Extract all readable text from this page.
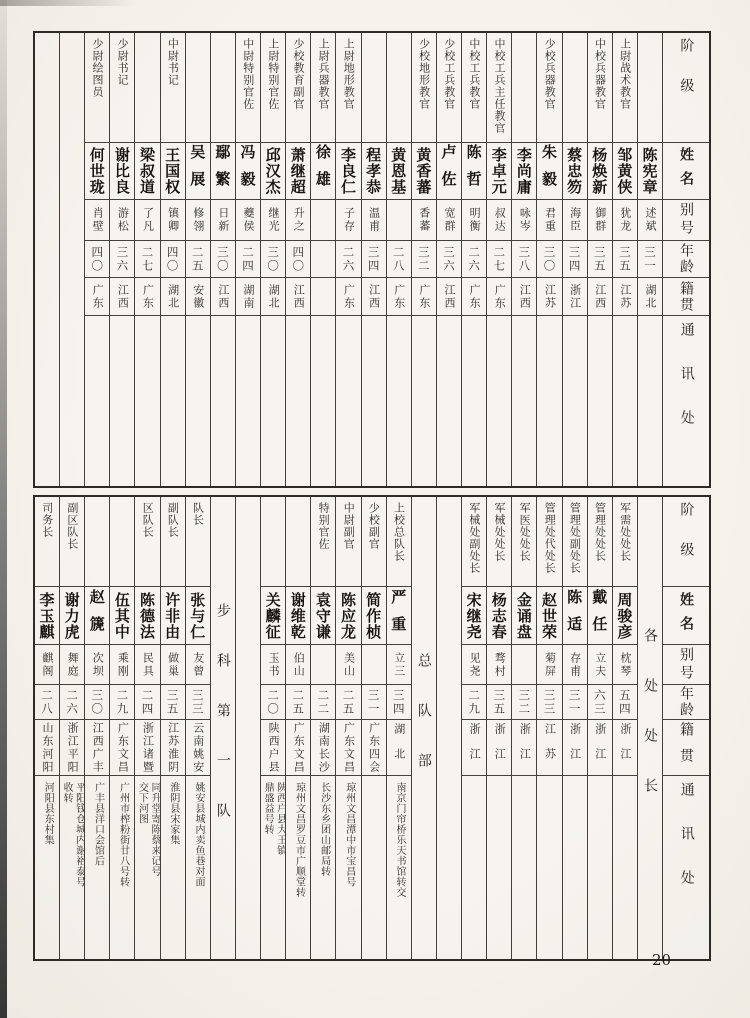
阶级
姓名
别号
年龄
籍贯
通讯处
陈宪章
述斌
三一
湖北
上尉战术教官
邹黄侠
犹龙
三五
江苏
中校兵器教官
杨焕新
御群
三五
江西
蔡忠笏
海臣
三四
浙江
少校兵器教官
朱毅
君重
三〇
江苏
李尚庸
咏岑
三八
江西
中校工兵主任教官
李卓元
叔达
二七
广东
中校工兵教官
陈哲
明衡
二六
广东
少校工兵教官
卢佐
宽群
三六
江西
少校地形教官
黄香蕃
香蕃
三二
广东
黄恩基
二八
广东
程孝恭
温甫
三四
江西
上尉地形教官
李良仁
子存
二六
广东
上尉兵器教官
徐雄
少校教育副官
萧继超
升之
四〇
江西
上尉特别官佐
邱汉杰
继光
三〇
湖北
中尉特别官佐
冯毅
夔侯
二四
湖南
鄢繁
日新
三〇
江西
吴展
修翎
二五
安徽
中尉书记
王国权
镇卿
四〇
湖北
梁叔道
了凡
二七
广东
少尉书记
谢比良
游松
三六
江西
少尉绘图员
何世珑
肖壁
四〇
广东
阶级
姓名
别号
年龄
籍贯
通讯处
各处处长
军需处处长
周骏彦
枕琴
五四
浙江
管理处处长
戴任
立夫
六三
浙江
管理处副处长
陈适
存甫
三一
浙江
管理处代处长
赵世荣
菊屏
三三
江苏
军医处处长
金诵盘
三二
浙江
军械处处长
杨志春
骛村
三五
浙江
军械处副处长
宋继尧
见尧
二九
浙江
总队部
上校总队长
严重
立三
三四
湖北
南京门帘桥乐天书馆转交
少校副官
简作桢
三一
广东四会
中尉副官
陈应龙
美山
二五
广东文昌
琼州文昌潭中市宝昌号
特别官佐
袁守谦
二二
湖南长沙
长沙东乡团山邮局转
谢维乾
伯山
二五
广东文昌
琼州文昌罗豆市广顺堂转
关麟征
玉书
二〇
陕西户县
陕西户县大王镇
鼎盛益号转
步科第一队
队长
张与仁
友曾
三三
云南姚安
姚安县城内卖鱼巷对面
副队长
许非由
做巢
三五
江苏淮阴
淮阴县宋家集
区队长
陈德法
民具
二四
浙江诸暨
同升堂寄陈蔡来记号
交下河图
伍其中
乘刚
二九
广东文昌
广州市榨粉街廿八号转
赵篪
次坝
三〇
江西广丰
广丰县洋口会馆后
副区队长
谢力虎
舞庭
二六
浙江平阳
平阳钱仓城内谢裕泰号
收转
司务长
李玉麒
麒阁
二八
山东河阳
河阳县东村集
20
